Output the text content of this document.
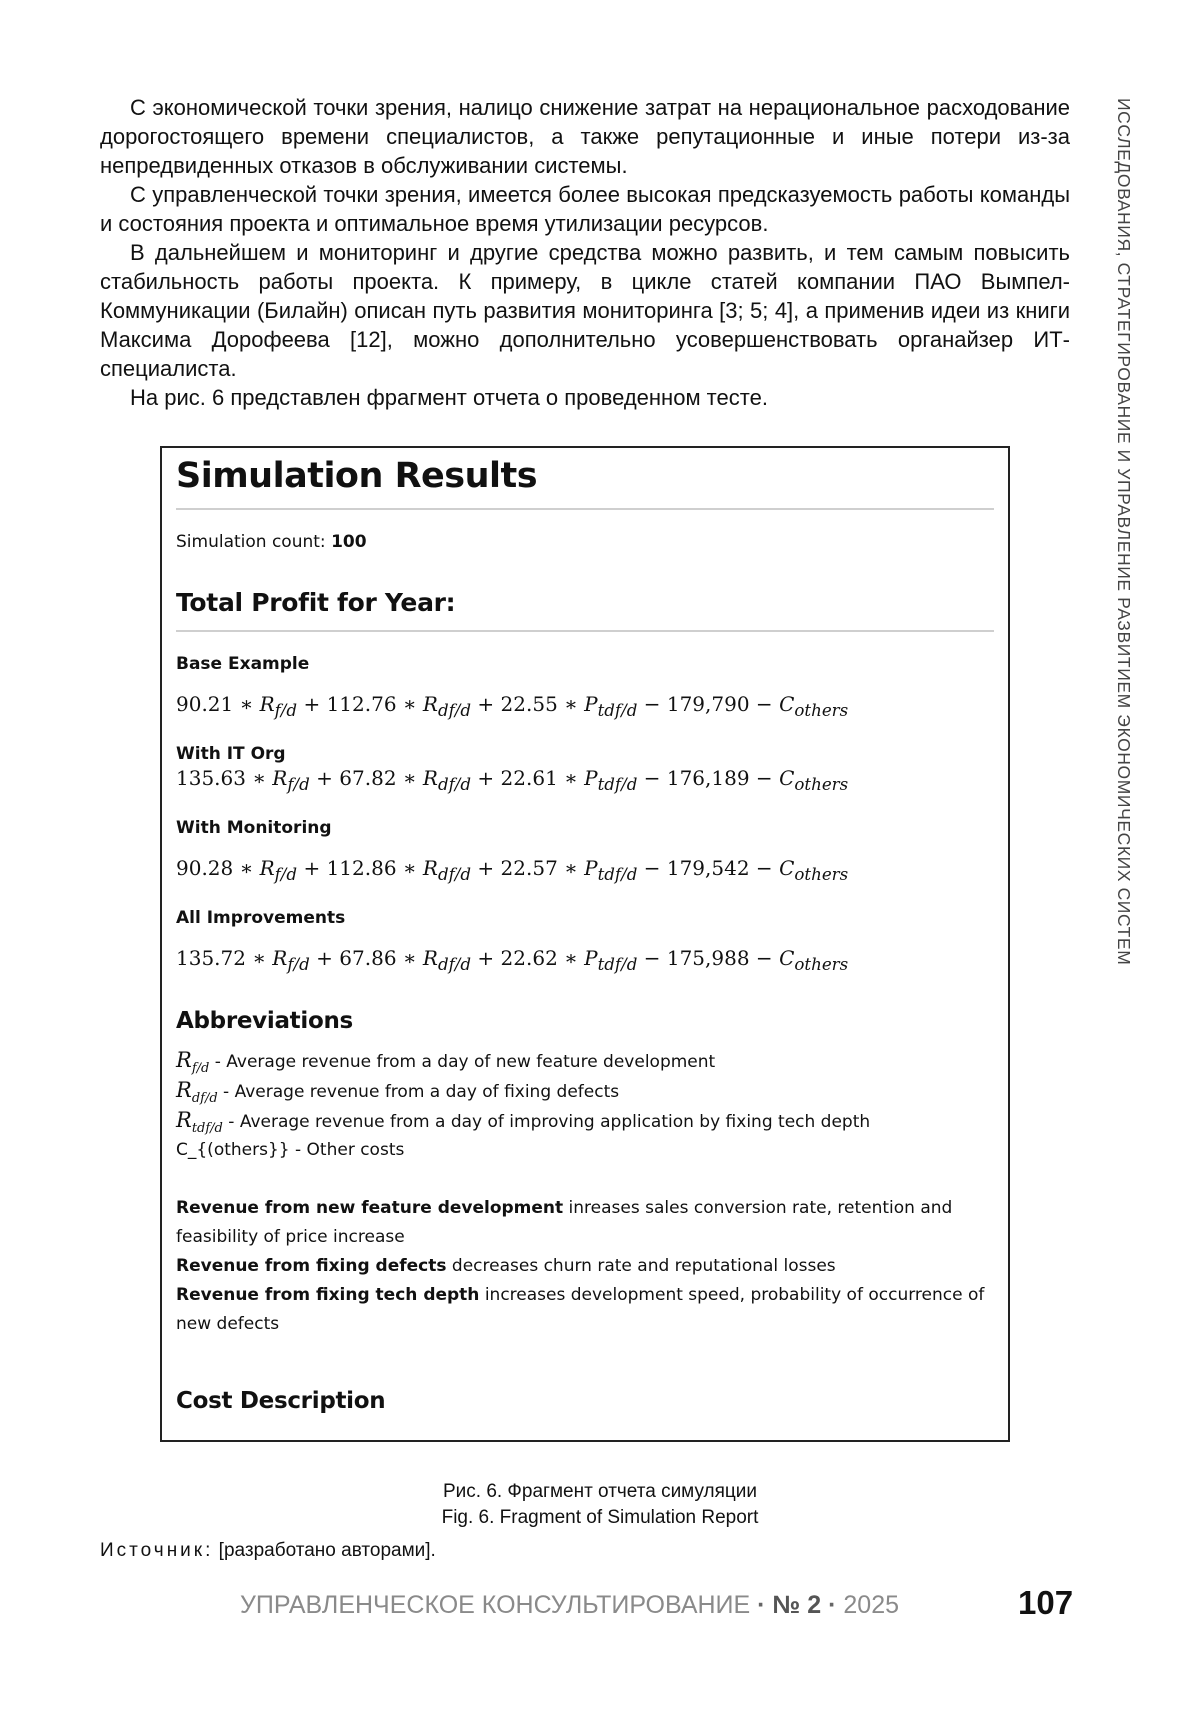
С экономической точки зрения, налицо снижение затрат на нерациональное расходование дорогостоящего времени специалистов, а также репутационные и иные потери из-за непредвиденных отказов в обслуживании системы.

С управленческой точки зрения, имеется более высокая предсказуемость работы команды и состояния проекта и оптимальное время утилизации ресурсов.

В дальнейшем и мониторинг и другие средства можно развить, и тем самым повысить стабильность работы проекта. К примеру, в цикле статей компании ПАО Вымпел-Коммуникации (Билайн) описан путь развития мониторинга [3; 5; 4], а применив идеи из книги Максима Дорофеева [12], можно дополнительно усовершенствовать органайзер ИТ-специалиста.

На рис. 6 представлен фрагмент отчета о проведенном тесте.	ИССЛЕДОВАНИЯ, СТРАТЕГИРОВАНИЕ И УПРАВЛЕНИЕ РАЗВИТИЕМ ЭКОНОМИЧЕСКИХ СИСТЕМ
Simulation Results
Simulation count: 100
Total Profit for Year:
Base Example
90.21 ∗ $R_{f/d} + 112.76$ ∗ $R_{df/d} + 22.55$ ∗ $P_{tdf/d} - 179,790 - C_{others}$
With IT Org
135.63 ∗ $R_{f/d} + 67.82$ ∗ $R_{df/d} + 22.61$ ∗ $P_{tdf/d} - 176,189 - C_{others}$
With Monitoring
90.28 ∗ $R_{f/d} + 112.86$ ∗ $R_{df/d} + 22.57$ ∗ $P_{tdf/d} - 179,542 - C_{others}$
All Improvements
135.72 ∗ $R_{f/d} + 67.86$ ∗ $R_{df/d} + 22.62$ ∗ $P_{tdf/d} - 175,988 - C_{others}$
Abbreviations
$R_{f/d}$ - Average revenue from a day of new feature development
$R_{df/d}$ - Average revenue from a day of fixing defects
$R_{tdf/d}$ - Average revenue from a day of improving application by fixing tech depth
C_{(others}} - Other costs

Revenue from new feature development inreases sales conversion rate, retention and feasibility of price increase

Revenue from fixing defects decreases churn rate and reputational losses

Revenue from fixing tech depth increases development speed, probability of occurrence of new defects

Cost Description
Рис. 6. Фрагмент отчета симуляции
Fig. 6. Fragment of Simulation Report
Источник: [разработано авторами].
УПРАВЛЕНЧЕСКОЕ КОНСУЛЬТИРОВАНИЕ · № 2 · 2025	107
